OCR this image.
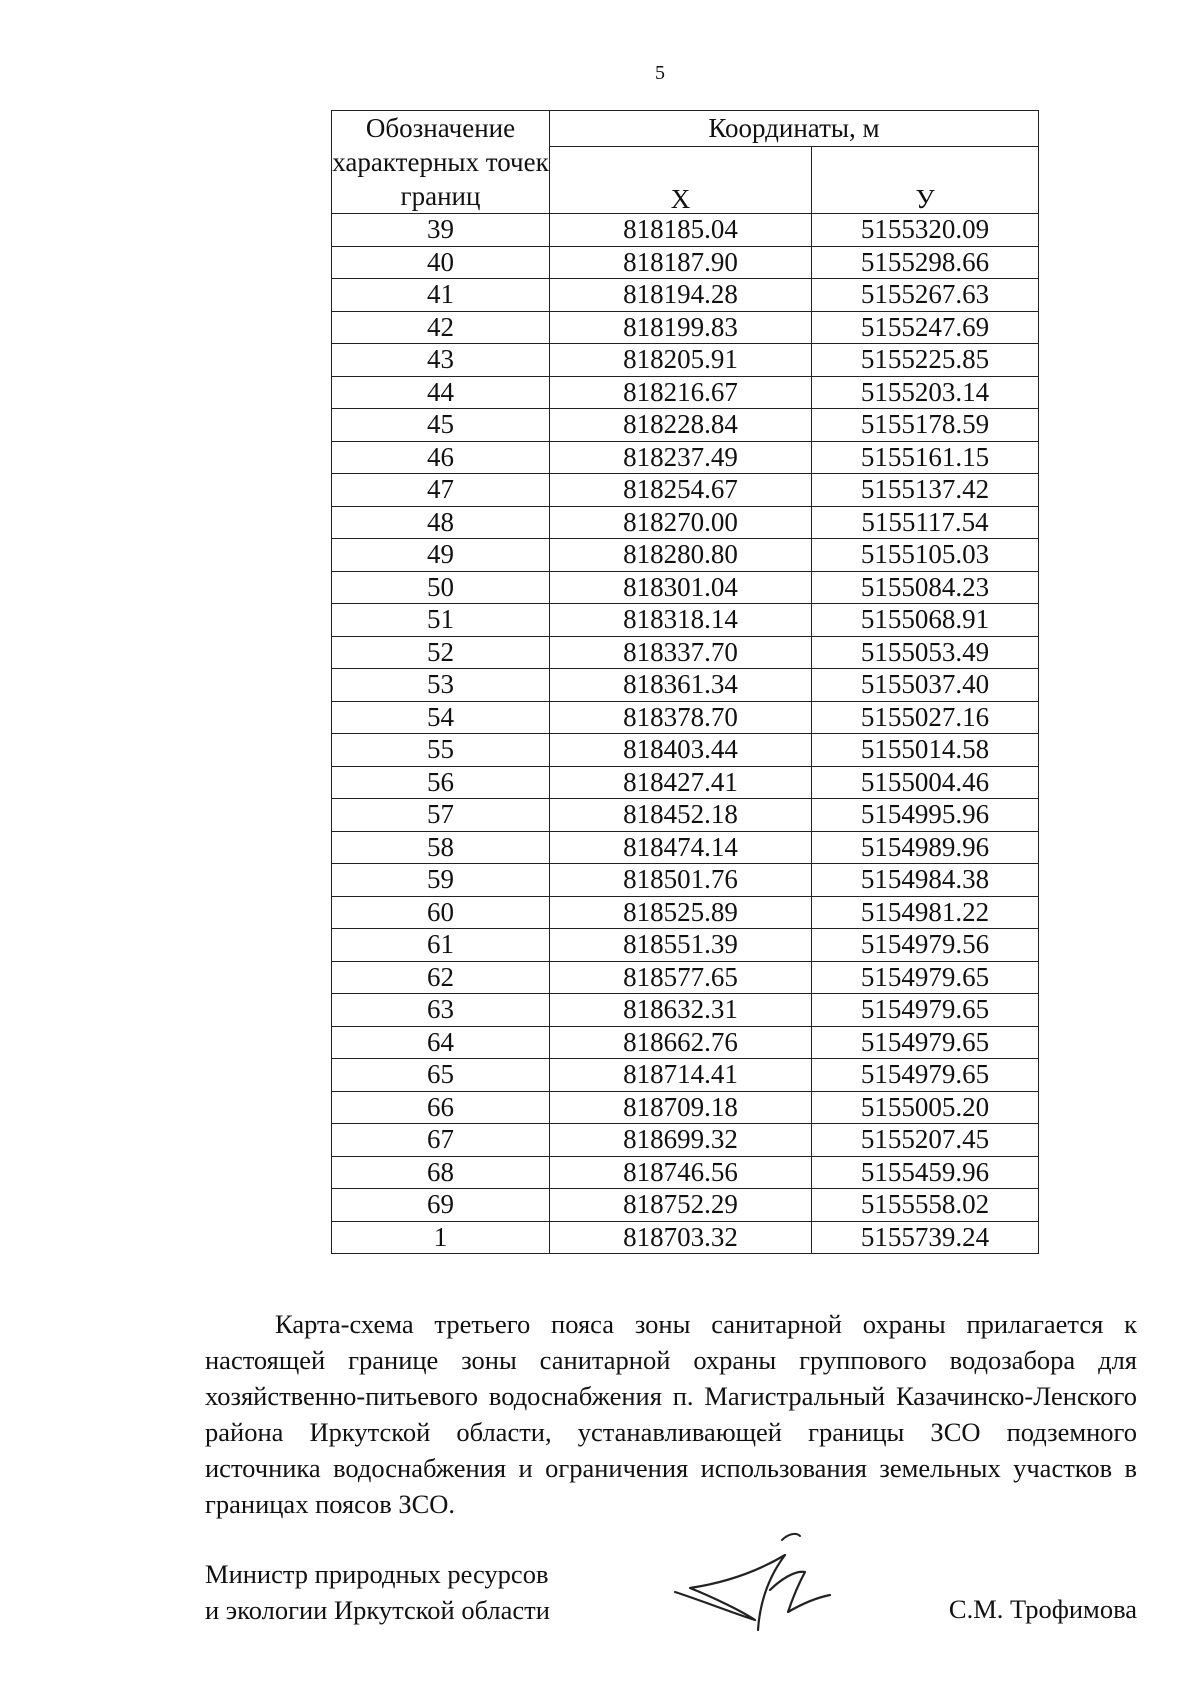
5
Обозначение характерных точек границ	Координаты, м	
	Х	У
39	818185.04	5155320.09
40	818187.90	5155298.66
41	818194.28	5155267.63
42	818199.83	5155247.69
43	818205.91	5155225.85
44	818216.67	5155203.14
45	818228.84	5155178.59
46	818237.49	5155161.15
47	818254.67	5155137.42
48	818270.00	5155117.54
49	818280.80	5155105.03
50	818301.04	5155084.23
51	818318.14	5155068.91
52	818337.70	5155053.49
53	818361.34	5155037.40
54	818378.70	5155027.16
55	818403.44	5155014.58
56	818427.41	5155004.46
57	818452.18	5154995.96
58	818474.14	5154989.96
59	818501.76	5154984.38
60	818525.89	5154981.22
61	818551.39	5154979.56
62	818577.65	5154979.65
63	818632.31	5154979.65
64	818662.76	5154979.65
65	818714.41	5154979.65
66	818709.18	5155005.20
67	818699.32	5155207.45
68	818746.56	5155459.96
69	818752.29	5155558.02
1	818703.32	5155739.24
Карта-схема третьего пояса зоны санитарной охраны прилагается к настоящей границе зоны санитарной охраны группового водозабора для хозяйственно-питьевого водоснабжения п. Магистральный Казачинско-Ленского района Иркутской области, устанавливающей границы ЗСО подземного источника водоснабжения и ограничения использования земельных участков в границах поясов ЗСО.
Министр природных ресурсов
и экологии Иркутской области	С.М. Трофимова
